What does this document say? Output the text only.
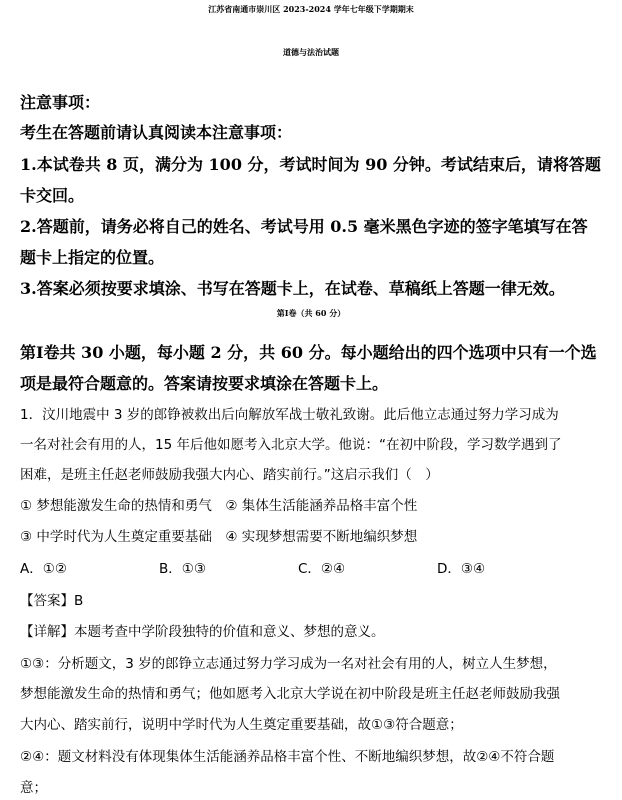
江苏省南通市崇川区 2023-2024 学年七年级下学期期末
道德与法治试题
注意事项：
考生在答题前请认真阅读本注意事项：
1.本试卷共 8 页，满分为 100 分，考试时间为 90 分钟。考试结束后，请将答题
卡交回。
2.答题前，请务必将自己的姓名、考试号用 0.5 毫米黑色字迹的签字笔填写在答
题卡上指定的位置。
3.答案必须按要求填涂、书写在答题卡上，在试卷、草稿纸上答题一律无效。
第Ⅰ卷（共 60 分）
第Ⅰ卷共 30 小题，每小题 2 分，共 60 分。每小题给出的四个选项中只有一个选
项是最符合题意的。答案请按要求填涂在答题卡上。
1．汶川地震中 3 岁的郎铮被救出后向解放军战士敬礼致谢。此后他立志通过努力学习成为
一名对社会有用的人，15 年后他如愿考入北京大学。他说：“在初中阶段，学习数学遇到了
困难，是班主任赵老师鼓励我强大内心、踏实前行。”这启示我们（　）
① 梦想能激发生命的热情和勇气　② 集体生活能涵养品格丰富个性
③ 中学时代为人生奠定重要基础　④ 实现梦想需要不断地编织梦想
A．①②	B．①③	C．②④	D．③④
【答案】B
【详解】本题考查中学阶段独特的价值和意义、梦想的意义。
①③：分析题文，3 岁的郎铮立志通过努力学习成为一名对社会有用的人，树立人生梦想，
梦想能激发生命的热情和勇气；他如愿考入北京大学说在初中阶段是班主任赵老师鼓励我强
大内心、踏实前行，说明中学时代为人生奠定重要基础，故①③符合题意；
②④：题文材料没有体现集体生活能涵养品格丰富个性、不断地编织梦想，故②④不符合题
意；
